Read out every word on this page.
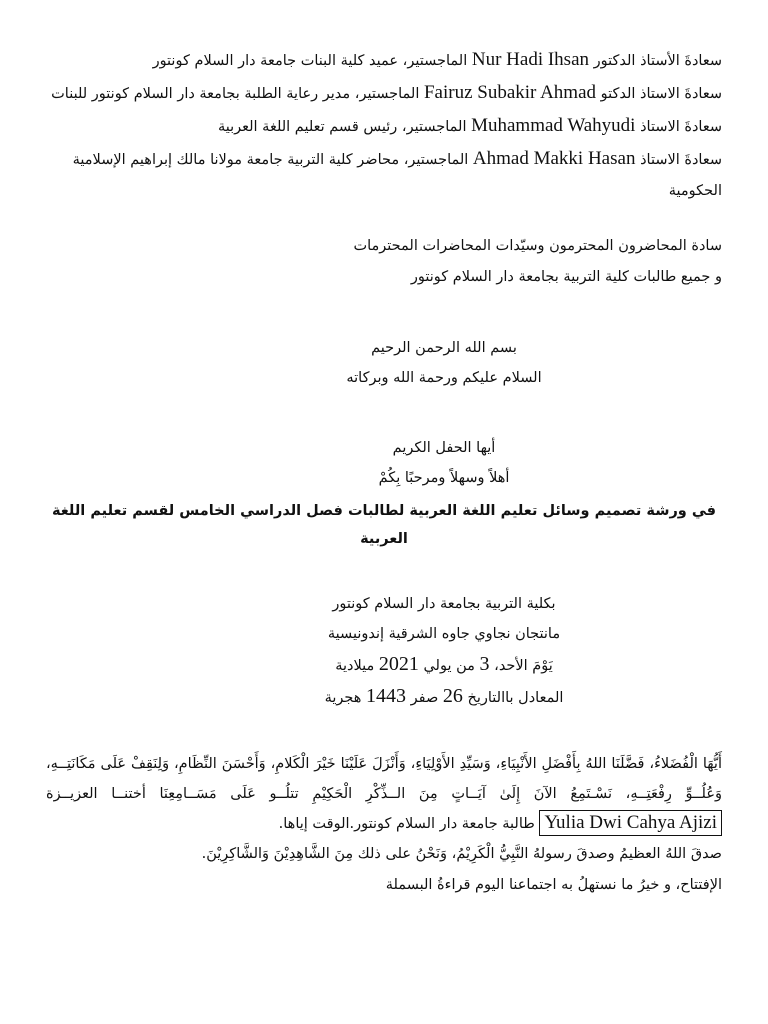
سعادةَ الأستاذ الدكتور Nur Hadi Ihsan الماجستير، عميد كلية البنات جامعة دار السلام كونتور

سعادةَ الاستاذ الدكتو Fairuz Subakir Ahmad الماجستير، مدير رعاية الطلبة بجامعة دار السلام كونتور للبنات

سعادةَ الاستاذ Muhammad Wahyudi الماجستير، رئيس قسم تعليم اللغة العربية

سعادةَ الاستاذ Ahmad Makki Hasan الماجستير، محاضر كلية التربية جامعة مولانا مالك إبراهيم الإسلامية الحكومية

سادة المحاضرون المحترمون وسيّدات المحاضرات المحترمات

و جميع طالبات كلية التربية بجامعة دار السلام كونتور

بسم الله الرحمن الرحيم

السلام عليكم ورحمة الله وبركاته

أيها الحفل الكريم

أهلاً وسهلاً ومرحبًا بِكُمْ

في ورشة تصميم وسائل تعليم اللغة العربية لطالبات فصل الدراسي الخامس لقسم تعليم اللغة العربية

بكلية التربية بجامعة دار السلام كونتور

مانتجان نجاوي جاوه الشرقية إندونيسية

يَوْمَ الأحد، 3 من يولي 2021 ميلادية

المعادل باالتاريخ 26 صفر 1443 هجرية

أَيُّهَا الْفُضَلاءُ، فَضَّلَنَا اللهُ بِأَفْضَلِ الأَنْبِيَاءِ، وَسَيِّدِ الأَوْلِيَاءِ، وَأَنْزَلَ عَلَيْنَا خَيْرَ الْكَلامِ، وَأَحْسَنَ النِّظَامِ، وَلِنَقِفْ عَلَى مَكَانَتِــهِ، وَعُلُــوِّ رِفْعَتِــهِ، نَسْـتَمِعُ الآنَ إِلَىٰ آيَــاتٍ مِنَ الــذِّكْرِ الْحَكِيْمِ تتلُــو عَلَى مَسَــامِعِنَا أختنــا العزيــزة Yulia Dwi Cahya Ajizi طالبة جامعة دار السلام كونتور.الوقت إياها.

صدقَ اللهُ العظيمُ وصدقَ رسولهُ النَّبِيُّ الْكَرِيْمُ، وَنَحْنُ على ذلك مِنَ الشَّاهِدِيْنَ وَالشَّاكِرِيْنَ.

الإفتتاح، و خيرُ ما نستهلُ به اجتماعنا اليوم قراءةُ البسملة
